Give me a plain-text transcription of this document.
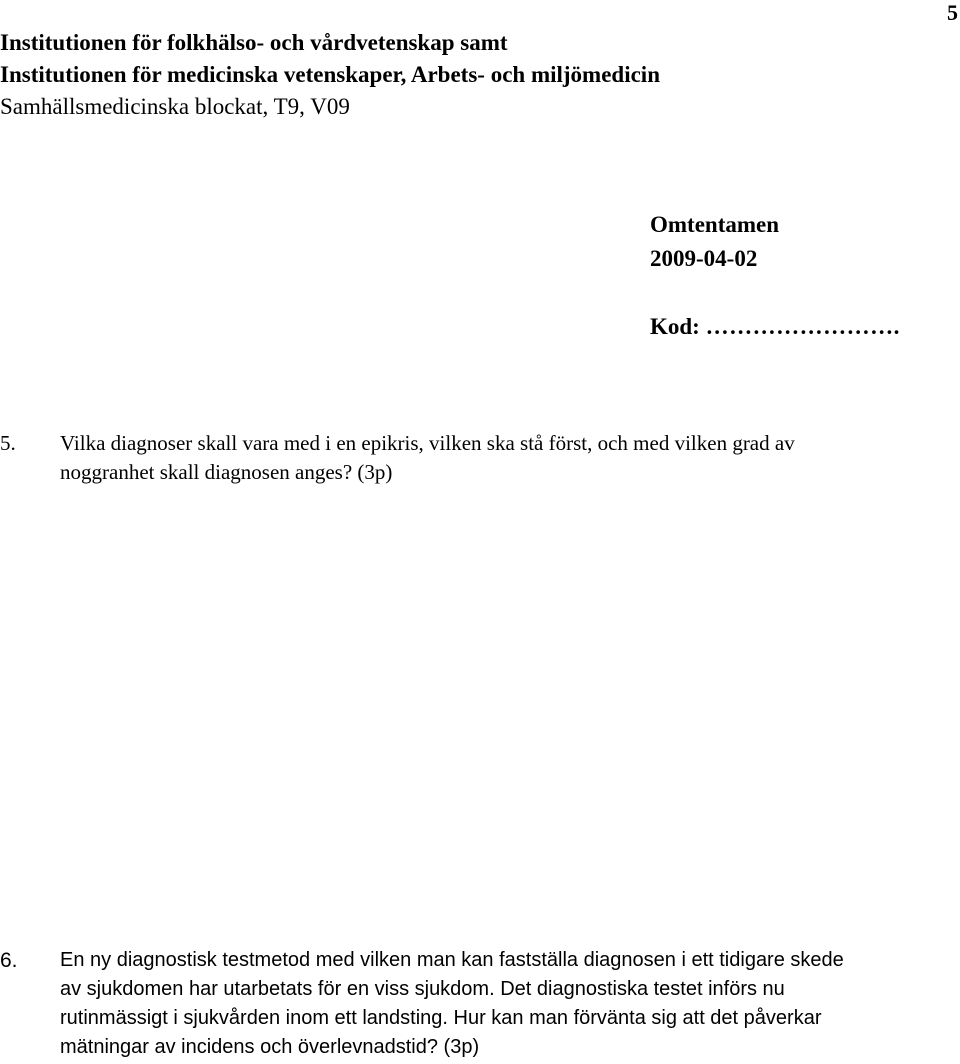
5
Institutionen för folkhälso- och vårdvetenskap samt
Institutionen för medicinska vetenskaper, Arbets- och miljömedicin
Samhällsmedicinska blockat, T9, V09
Omtentamen
2009-04-02
Kod: …………………….
5. Vilka diagnoser skall vara med i en epikris, vilken ska stå först, och med vilken grad av
noggranhet skall diagnosen anges? (3p)
6. En ny diagnostisk testmetod med vilken man kan fastställa diagnosen i ett tidigare skede
av sjukdomen har utarbetats för en viss sjukdom. Det diagnostiska testet införs nu
rutinmässigt i sjukvården inom ett landsting. Hur kan man förvänta sig att det påverkar
mätningar av incidens och överlevnadstid? (3p)
